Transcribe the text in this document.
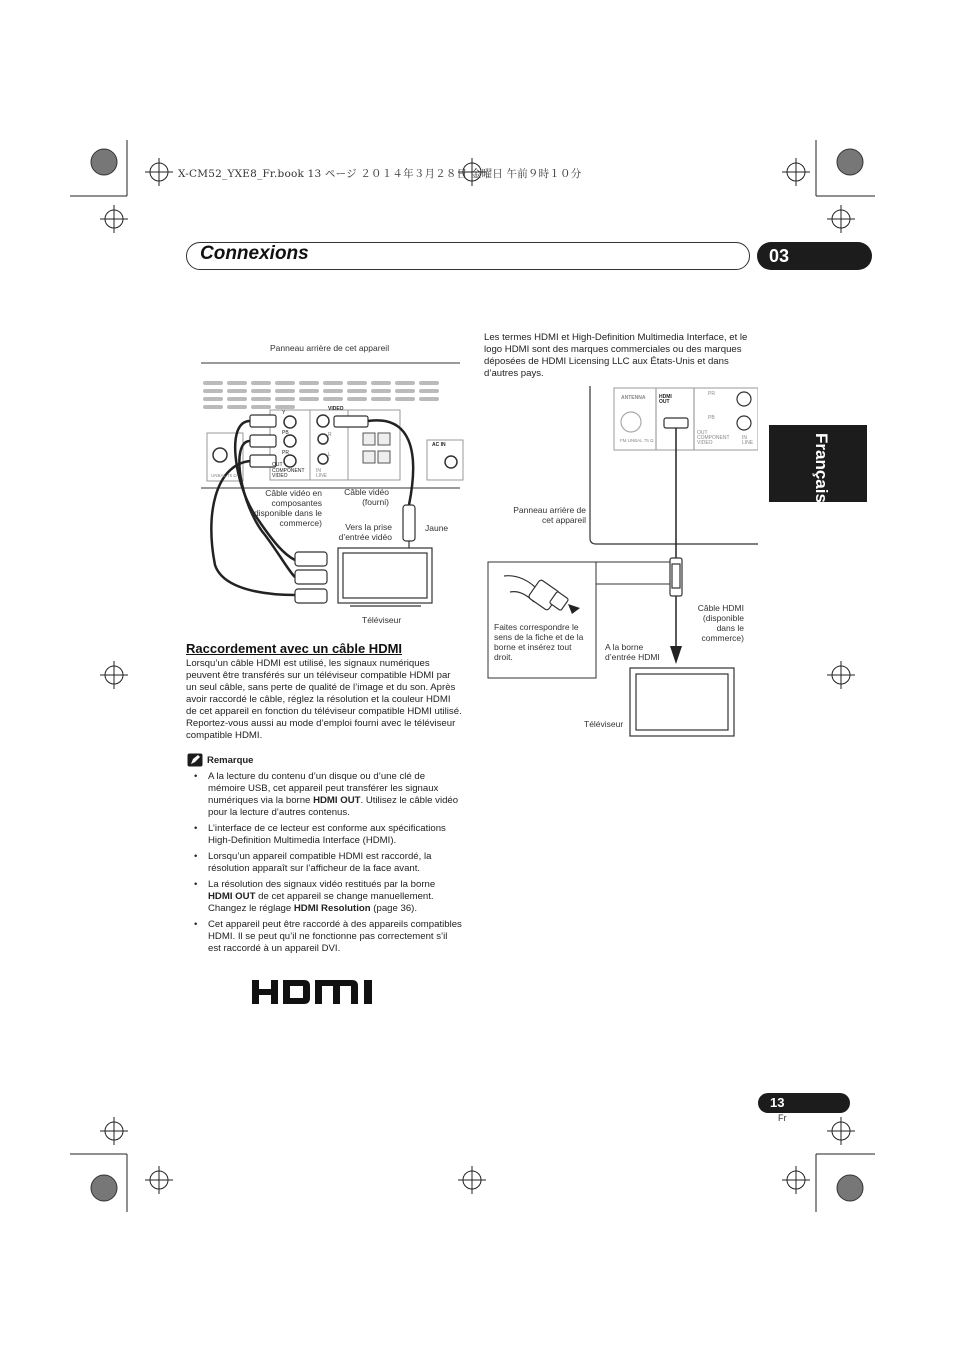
X-CM52_YXE8_Fr.book 13 ページ ２０１４年３月２８日 金曜日 午前９時１０分
Connexions	03
Français
Panneau arrière de cet appareil
VIDEO
Y
PB
PR
OUT
COMPONENT VIDEO
IN LINE
AC IN
R
L
UNBAL 75 Ω
Câble vidéo en composantes (disponible dans le commerce)
Câble vidéo (fourni)
Vers la prise d’entrée vidéo
Jaune
Téléviseur
Raccordement avec un câble HDMI
Lorsqu’un câble HDMI est utilisé, les signaux numériques peuvent être transférés sur un téléviseur compatible HDMI par un seul câble, sans perte de qualité de l’image et du son. Après avoir raccordé le câble, réglez la résolution et la couleur HDMI de cet appareil en fonction du téléviseur compatible HDMI utilisé. Reportez-vous aussi au mode d’emploi fourni avec le téléviseur compatible HDMI.
Remarque
• A la lecture du contenu d’un disque ou d’une clé de mémoire USB, cet appareil peut transférer les signaux numériques via la borne HDMI OUT. Utilisez le câble vidéo pour la lecture d’autres contenus.
• L’interface de ce lecteur est conforme aux spécifications High-Definition Multimedia Interface (HDMI).
• Lorsqu’un appareil compatible HDMI est raccordé, la résolution apparaît sur l’afficheur de la face avant.
• La résolution des signaux vidéo restitués par la borne HDMI OUT de cet appareil se change manuellement. Changez le réglage HDMI Resolution (page 36).
• Cet appareil peut être raccordé à des appareils compatibles HDMI. Il se peut qu’il ne fonctionne pas correctement s’il est raccordé à un appareil DVI.
Les termes HDMI et High-Definition Multimedia Interface, et le logo HDMI sont des marques commerciales ou des marques déposées de HDMI Licensing LLC aux États-Unis et dans d’autres pays.
ANTENNA	HDMI OUT
FM UNBAL 75 Ω
OUT
COMPONENT VIDEO
IN LINE
PR
PB
Panneau arrière de cet appareil
Faites correspondre le sens de la fiche et de la borne et insérez tout droit.
Câble HDMI (disponible dans le commerce)
A la borne d’entrée HDMI
Téléviseur
13
Fr
